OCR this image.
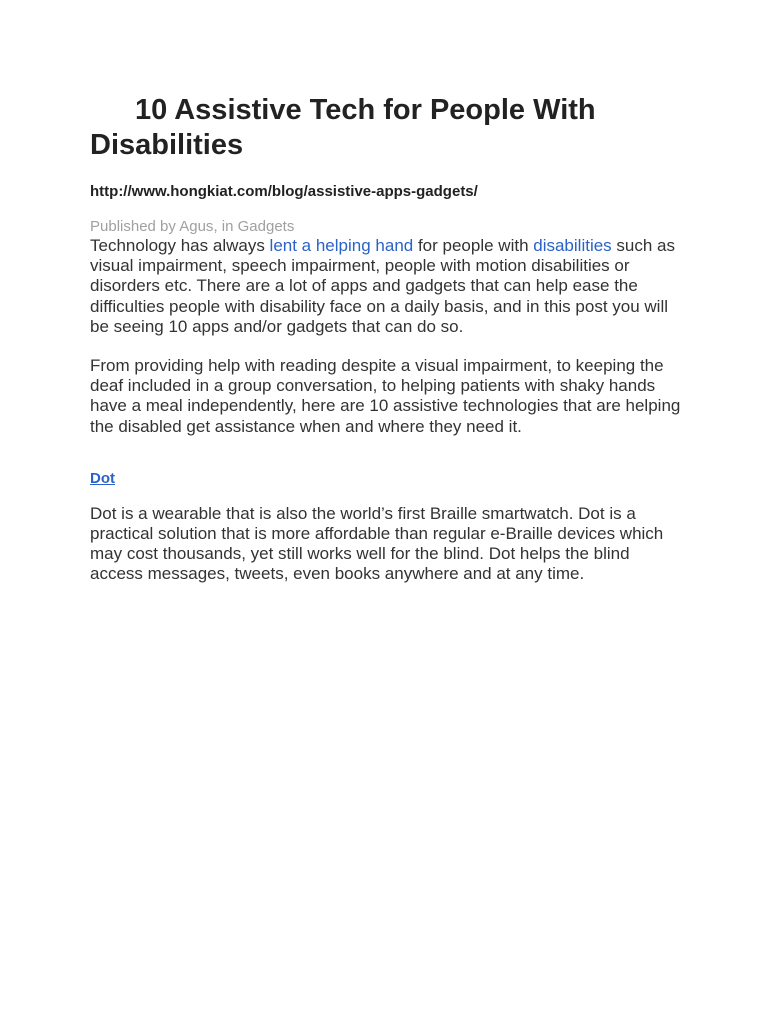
10 Assistive Tech for People With Disabilities

http://www.hongkiat.com/blog/assistive-apps-gadgets/

Published by Agus, in Gadgets

Technology has always lent a helping hand for people with disabilities such as visual impairment, speech impairment, people with motion disabilities or disorders etc. There are a lot of apps and gadgets that can help ease the difficulties people with disability face on a daily basis, and in this post you will be seeing 10 apps and/or gadgets that can do so.

From providing help with reading despite a visual impairment, to keeping the deaf included in a group conversation, to helping patients with shaky hands have a meal independently, here are 10 assistive technologies that are helping the disabled get assistance when and where they need it.

Dot

Dot is a wearable that is also the world’s first Braille smartwatch. Dot is a practical solution that is more affordable than regular e-Braille devices which may cost thousands, yet still works well for the blind. Dot helps the blind access messages, tweets, even books anywhere and at any time.
